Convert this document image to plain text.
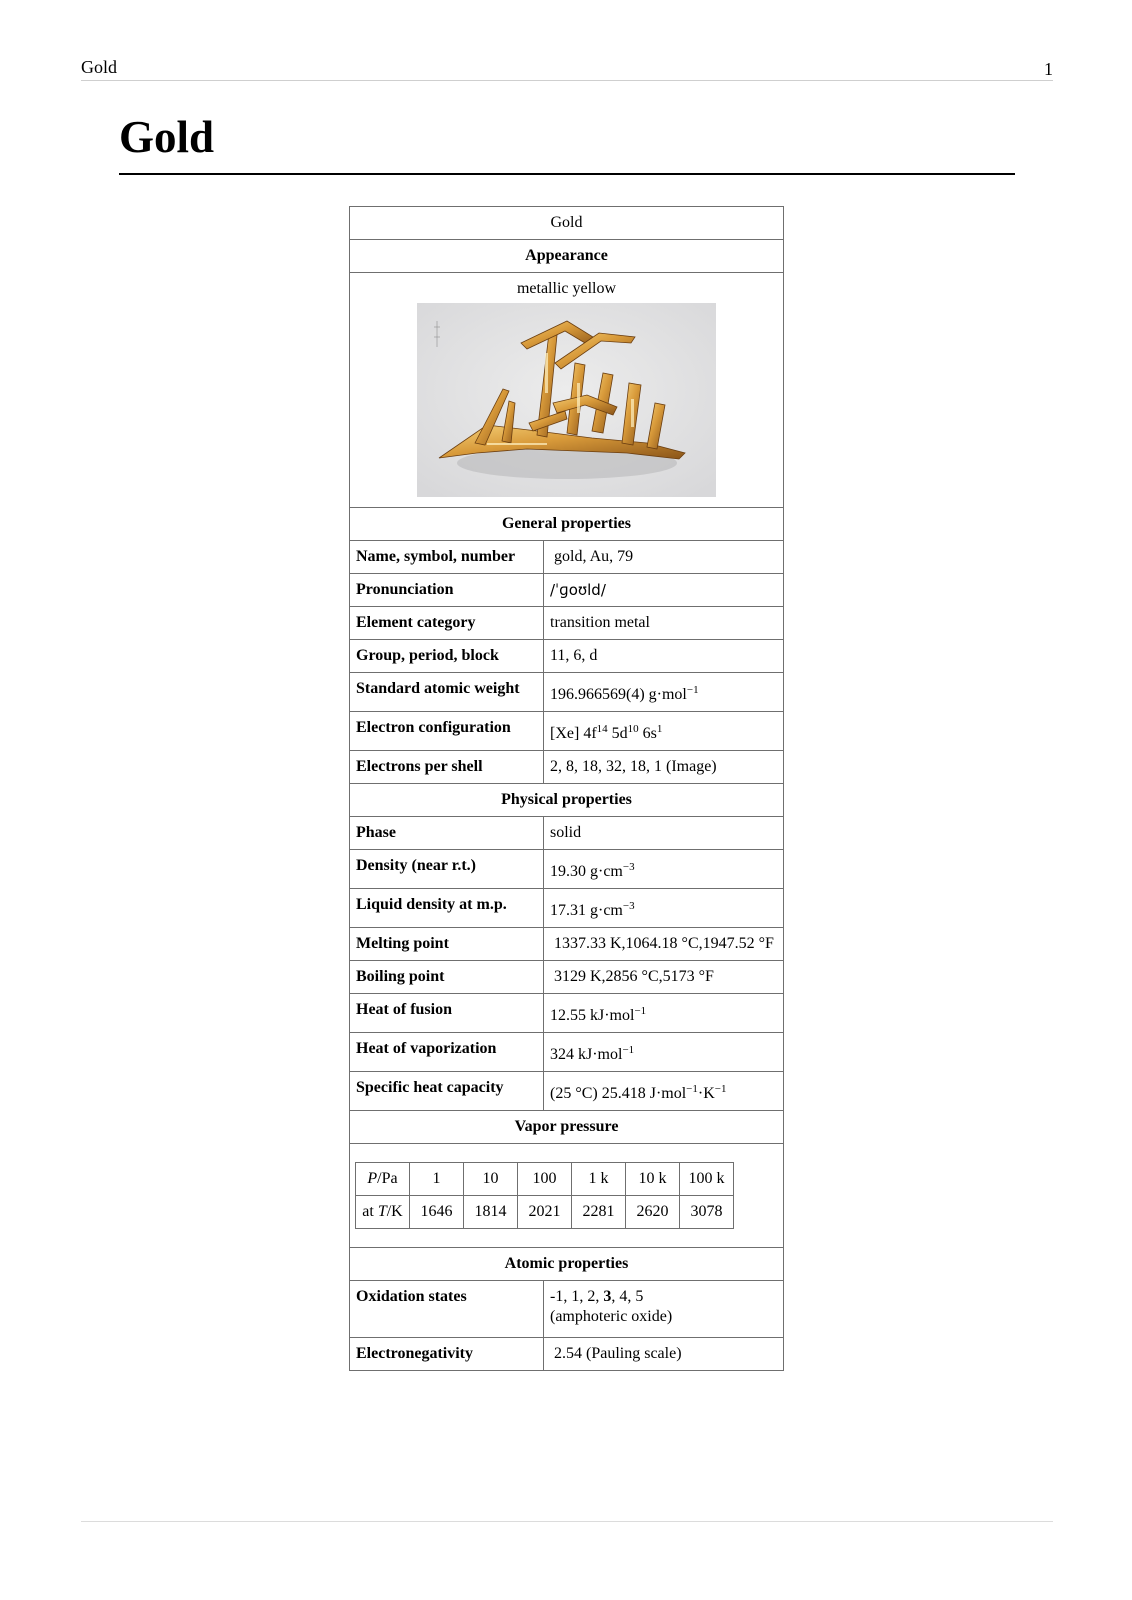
Gold	1
Gold
Gold
Appearance

metallic yellow

General properties
Name, symbol, number	gold, Au, 79
Pronunciation	/ˈɡoʊld/
Element category	transition metal
Group, period, block	11, 6, d
Standard atomic weight	196.966569(4) g·mol$^{-1}$
Electron configuration	[Xe] $4f^{14}$ $5d^{10}$ $6s^1$
Electrons per shell	2, 8, 18, 32, 18, 1 (Image)
Physical properties
Phase	solid
Density (near r.t.)	19.30 $g\cdot cm^{-3}$
Liquid density at m.p.	17.31 $g\cdot cm^{-3}$
Melting point	1337.33 K,1064.18 °C,1947.52 °F
Boiling point	3129 K,2856 °C,5173 °F
Heat of fusion	12.55 kJ·mol$^{-1}$
Heat of vaporization	324 kJ·mol$^{-1}$
Specific heat capacity	(25 °C) 25.418 $J\cdot mol^{-1}\cdot K^{-1}$
Vapor pressure

P/Pa	1	10	100	1 k	10 k	100 k
at T/K	1646	1814	2021	2281	2620	3078

Atomic properties
Oxidation states	-1, 1, 2, 3, 4, 5
(amphoteric oxide)
Electronegativity	2.54 (Pauling scale)
